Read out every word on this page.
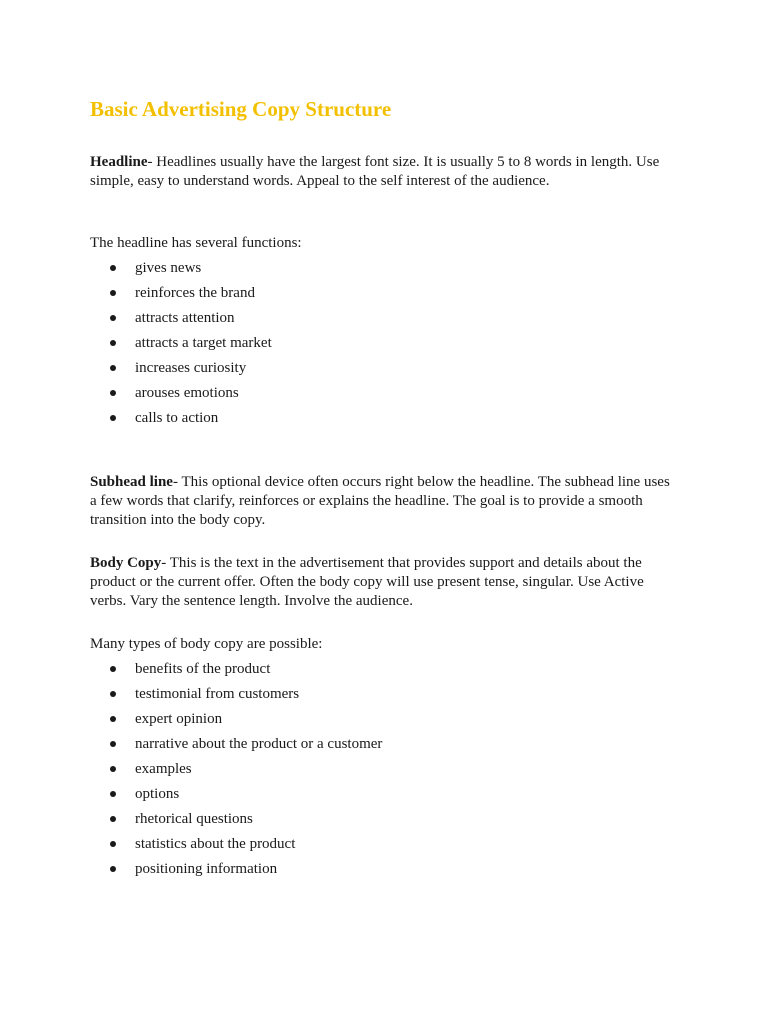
Basic Advertising Copy Structure

Headline- Headlines usually have the largest font size. It is usually 5 to 8 words in length. Use simple, easy to understand words. Appeal to the self interest of the audience.

The headline has several functions:

gives news
reinforces the brand
attracts attention
attracts a target market
increases curiosity
arouses emotions
calls to action

Subhead line- This optional device often occurs right below the headline. The subhead line uses a few words that clarify, reinforces or explains the headline. The goal is to provide a smooth transition into the body copy.

Body Copy- This is the text in the advertisement that provides support and details about the product or the current offer. Often the body copy will use present tense, singular. Use Active verbs. Vary the sentence length. Involve the audience.

Many types of body copy are possible:

benefits of the product
testimonial from customers
expert opinion
narrative about the product or a customer
examples
options
rhetorical questions
statistics about the product
positioning information
